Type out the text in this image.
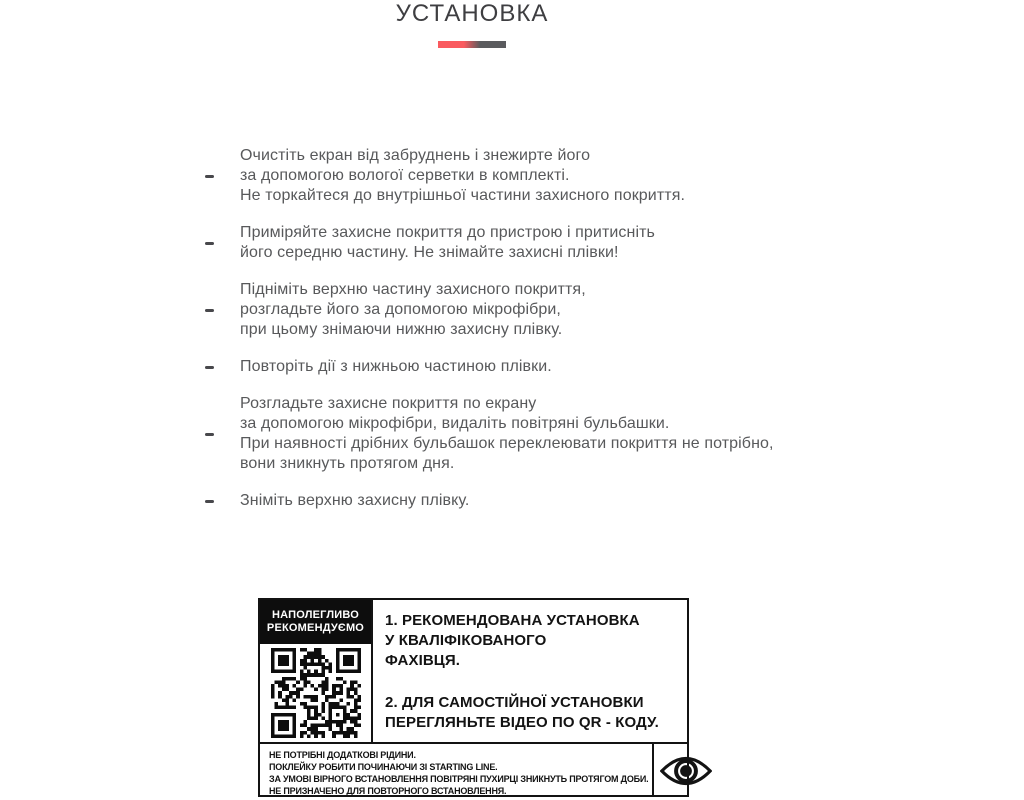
УСТАНОВКА
Очистіть екран від забруднень і знежирте його
за допомогою вологої серветки в комплекті.
Не торкайтеся до внутрішньої частини захисного покриття.
Приміряйте захисне покриття до пристрою і притисніть
його середню частину. Не знімайте захисні плівки!
Підніміть верхню частину захисного покриття,
розгладьте його за допомогою мікрофібри,
при цьому знімаючи нижню захисну плівку.
Повторіть дії з нижньою частиною плівки.
Розгладьте захисне покриття по екрану
за допомогою мікрофібри, видаліть повітряні бульбашки.
При наявності дрібних бульбашок переклеювати покриття не потрібно,
вони зникнуть протягом дня.
Зніміть верхню захисну плівку.
НАПОЛЕГЛИВО
РЕКОМЕНДУЄМО 1. РЕКОМЕНДОВАНА УСТАНОВКА
У КВАЛІФІКОВАНОГО
ФАХІВЦЯ.
2. ДЛЯ САМОСТІЙНОЇ УСТАНОВКИ
ПЕРЕГЛЯНЬТЕ ВІДЕО ПО QR - КОДУ.
НЕ ПОТРІБНІ ДОДАТКОВІ РІДИНИ.
ПОКЛЕЙКУ РОБИТИ ПОЧИНАЮЧИ ЗІ STARTING LINE.
ЗА УМОВІ ВІРНОГО ВСТАНОВЛЕННЯ ПОВІТРЯНІ ПУХИРЦІ ЗНИКНУТЬ ПРОТЯГОМ ДОБИ.
НЕ ПРИЗНАЧЕНО ДЛЯ ПОВТОРНОГО ВСТАНОВЛЕННЯ.
